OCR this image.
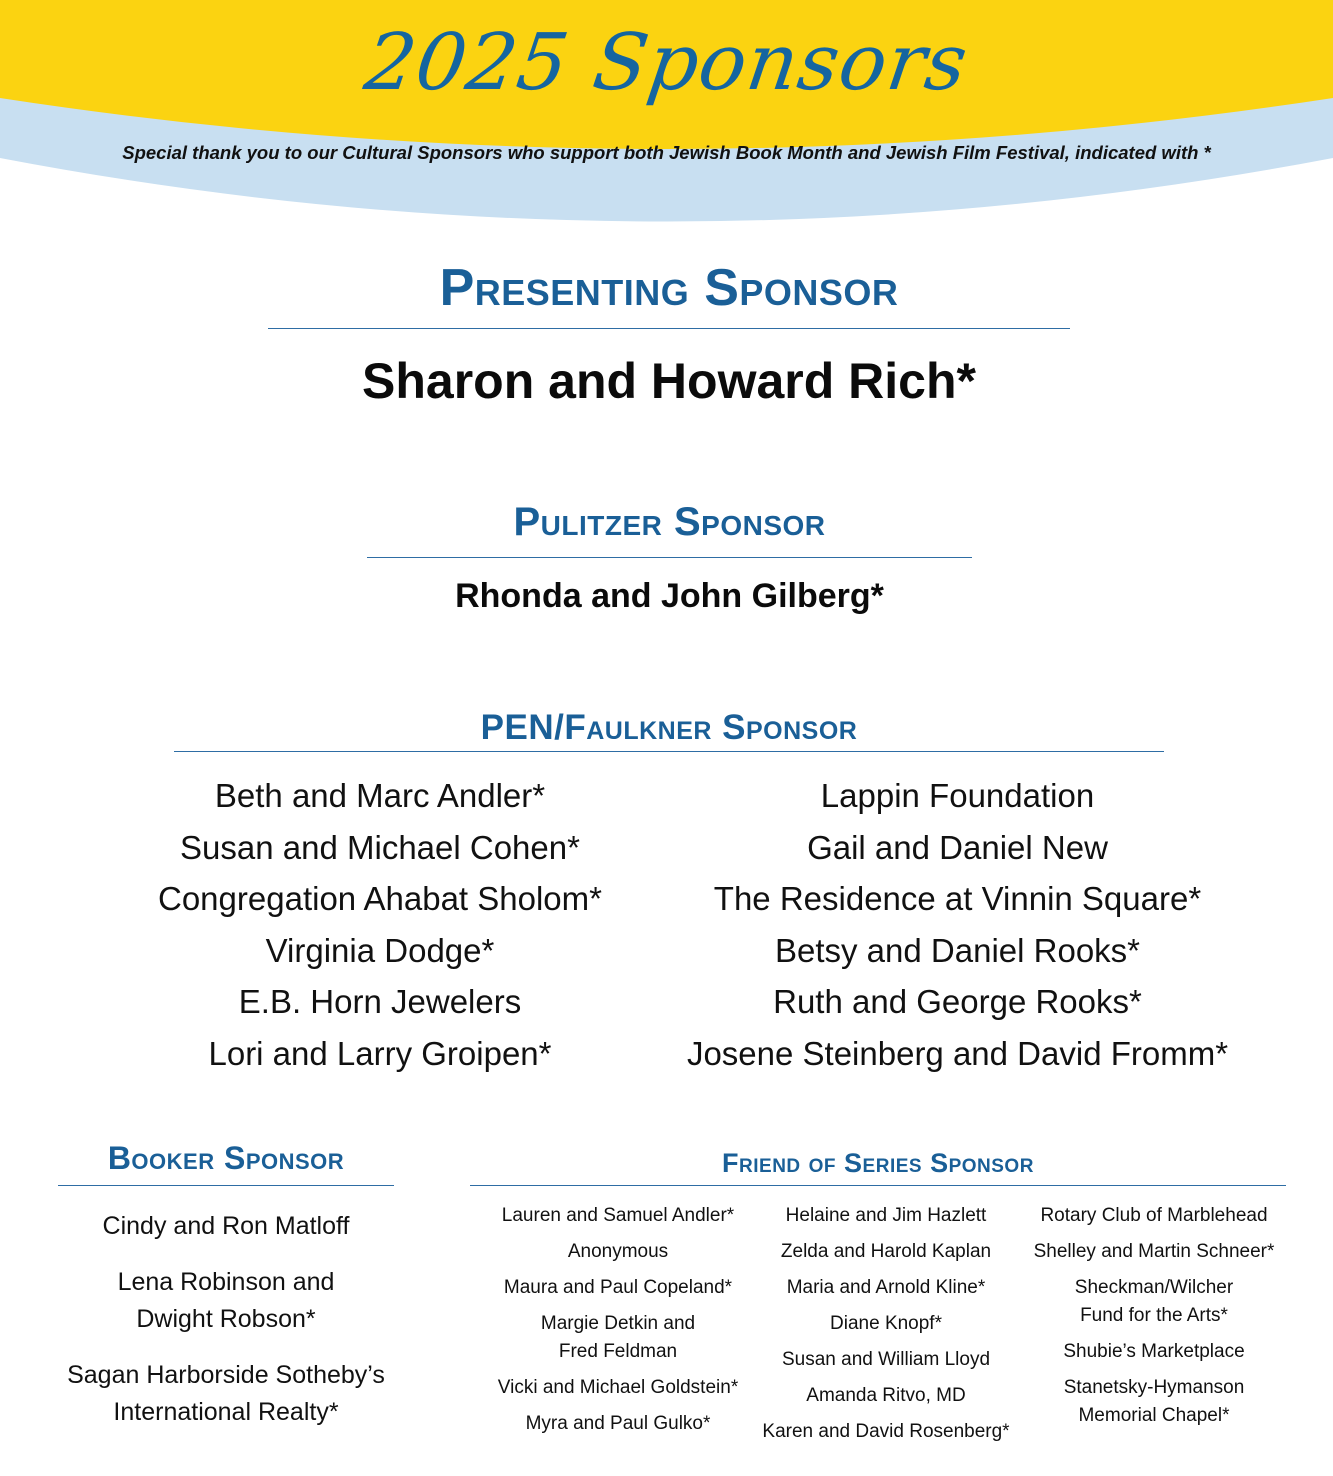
2025 Sponsors
Special thank you to our Cultural Sponsors who support both Jewish Book Month and Jewish Film Festival, indicated with *
Presenting Sponsor
Sharon and Howard Rich*
Pulitzer Sponsor
Rhonda and John Gilberg*
PEN/Faulkner Sponsor
Beth and Marc Andler*
Susan and Michael Cohen*
Congregation Ahabat Sholom*
Virginia Dodge*
E.B. Horn Jewelers
Lori and Larry Groipen*
Lappin Foundation
Gail and Daniel New
The Residence at Vinnin Square*
Betsy and Daniel Rooks*
Ruth and George Rooks*
Josene Steinberg and David Fromm*
Booker Sponsor
Cindy and Ron Matloff
Lena Robinson and
Dwight Robson*
Sagan Harborside Sotheby’s
International Realty*
Friend of Series Sponsor
Lauren and Samuel Andler*
Anonymous
Maura and Paul Copeland*
Margie Detkin and
Fred Feldman
Vicki and Michael Goldstein*
Myra and Paul Gulko*
Helaine and Jim Hazlett
Zelda and Harold Kaplan
Maria and Arnold Kline*
Diane Knopf*
Susan and William Lloyd
Amanda Ritvo, MD
Karen and David Rosenberg*
Rotary Club of Marblehead
Shelley and Martin Schneer*
Sheckman/Wilcher
Fund for the Arts*
Shubie’s Marketplace
Stanetsky-Hymanson
Memorial Chapel*
